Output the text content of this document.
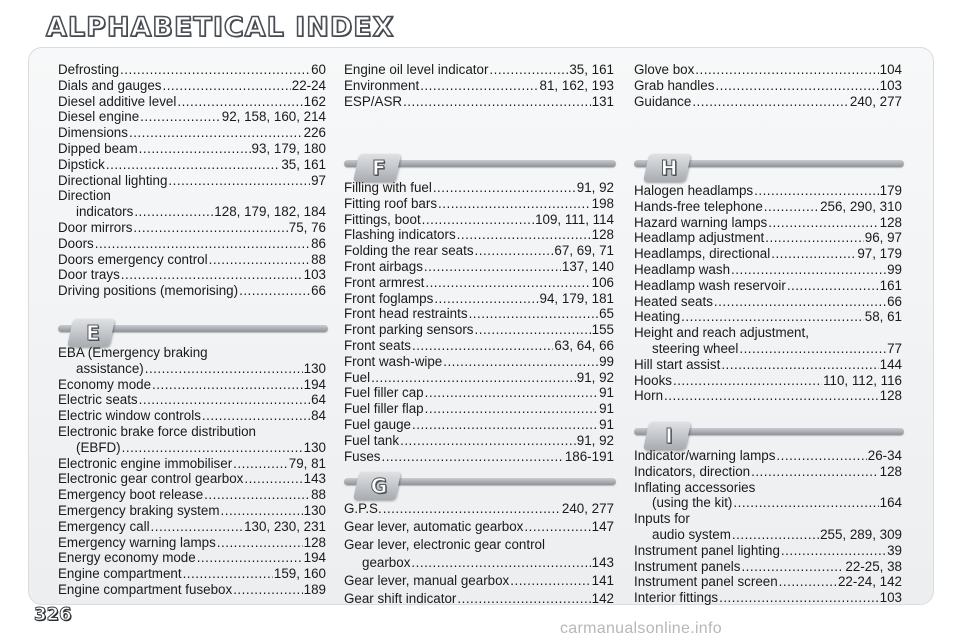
ALPHABETICAL INDEX
Defrosting .....	60
Dials and gauges .....	22-24
Diesel additive level .....	162
Diesel engine .....	92, 158, 160, 214
Dimensions .....	226
Dipped beam .....	93, 179, 180
Dipstick .....	35, 161
Directional lighting .....	97
Direction
indicators .....	128, 179, 182, 184
Door mirrors .....	75, 76
Doors .....	86
Doors emergency control .....	88
Door trays .....	103
Driving positions (memorising) .....	66
E
EBA (Emergency braking
assistance) .....	130
Economy mode .....	194
Electric seats .....	64
Electric window controls .....	84
Electronic brake force distribution
(EBFD) .....	130
Electronic engine immobiliser .....	79, 81
Electronic gear control gearbox .....	143
Emergency boot release .....	88
Emergency braking system .....	130
Emergency call .....	130, 230, 231
Emergency warning lamps .....	128
Energy economy mode .....	194
Engine compartment .....	159, 160
Engine compartment fusebox .....	189
Engine oil level indicator .....	35, 161
Environment .....	81, 162, 193
ESP/ASR .....	131
F
Filling with fuel .....	91, 92
Fitting roof bars .....	198
Fittings, boot .....	109, 111, 114
Flashing indicators .....	128
Folding the rear seats .....	67, 69, 71
Front airbags .....	137, 140
Front armrest .....	106
Front foglamps .....	94, 179, 181
Front head restraints .....	65
Front parking sensors .....	155
Front seats .....	63, 64, 66
Front wash-wipe .....	99
Fuel .....	91, 92
Fuel filler cap .....	91
Fuel filler flap .....	91
Fuel gauge .....	91
Fuel tank .....	91, 92
Fuses .....	186-191
G
G.P.S. .....	240, 277
Gear lever, automatic gearbox .....	147
Gear lever, electronic gear control
gearbox .....	143
Gear lever, manual gearbox .....	141
Gear shift indicator .....	142
Glove box .....	104
Grab handles .....	103
Guidance .....	240, 277
H
Halogen headlamps .....	179
Hands-free telephone .....	256, 290, 310
Hazard warning lamps .....	128
Headlamp adjustment .....	96, 97
Headlamps, directional .....	97, 179
Headlamp wash .....	99
Headlamp wash reservoir .....	161
Heated seats .....	66
Heating .....	58, 61
Height and reach adjustment,
steering wheel .....	77
Hill start assist .....	144
Hooks .....	110, 112, 116
Horn .....	128
I
Indicator/warning lamps .....	26-34
Indicators, direction .....	128
Inflating accessories
(using the kit) .....	164
Inputs for
audio system .....	255, 289, 309
Instrument panel lighting .....	39
Instrument panels .....	22-25, 38
Instrument panel screen .....	22-24, 142
Interior fittings .....	103
326
carmanualsonline.info
